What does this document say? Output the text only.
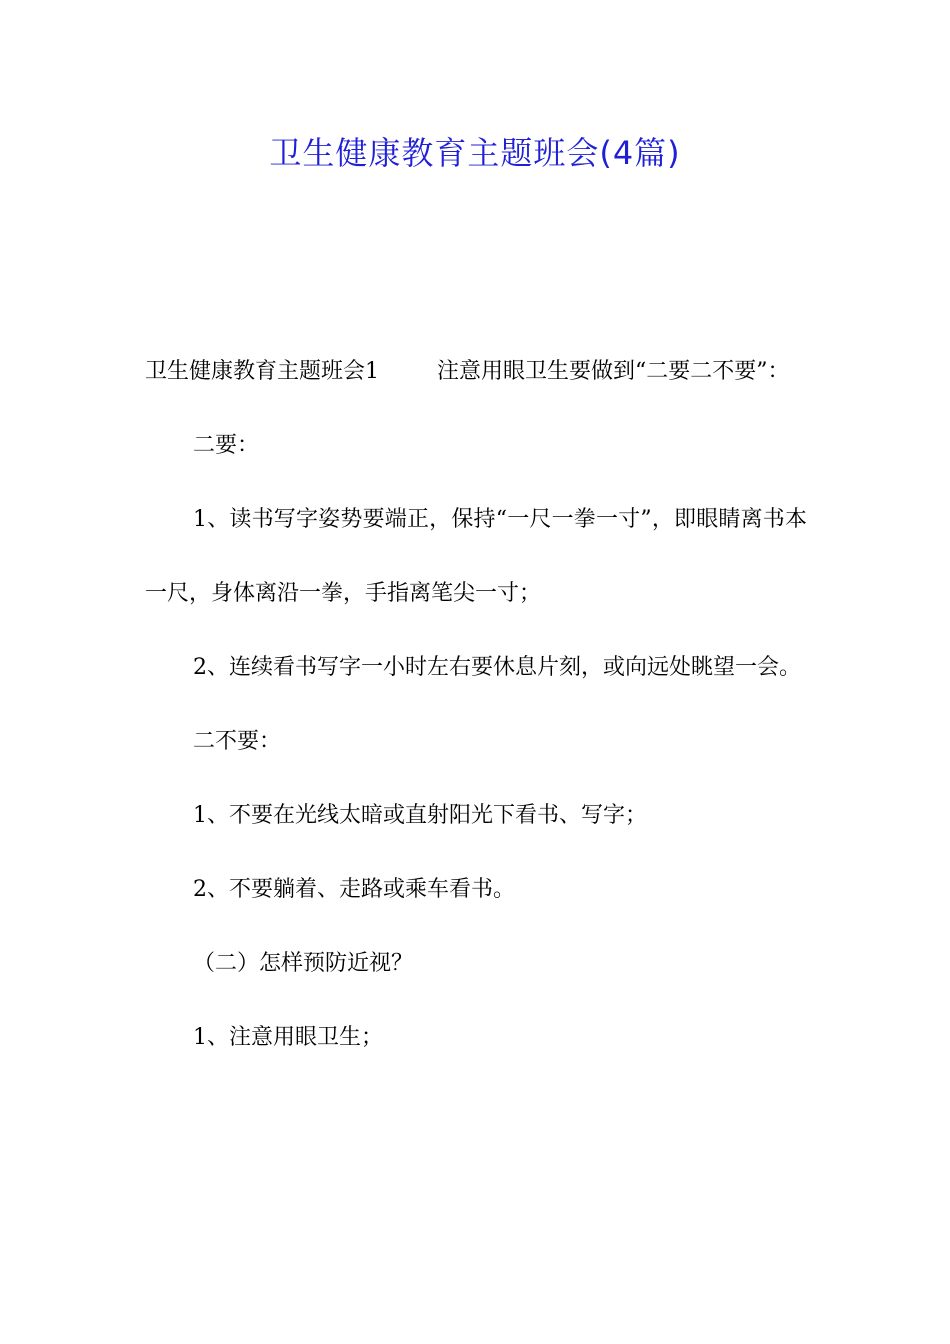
卫生健康教育主题班会(4篇)

卫生健康教育主题班会1	注意用眼卫生要做到“二要二不要”：

二要：

1、读书写字姿势要端正，保持“一尺一拳一寸”，即眼睛离书本一尺，身体离沿一拳，手指离笔尖一寸；

2、连续看书写字一小时左右要休息片刻，或向远处眺望一会。

二不要：

1、不要在光线太暗或直射阳光下看书、写字；

2、不要躺着、走路或乘车看书。

（二）怎样预防近视？

1、注意用眼卫生；
